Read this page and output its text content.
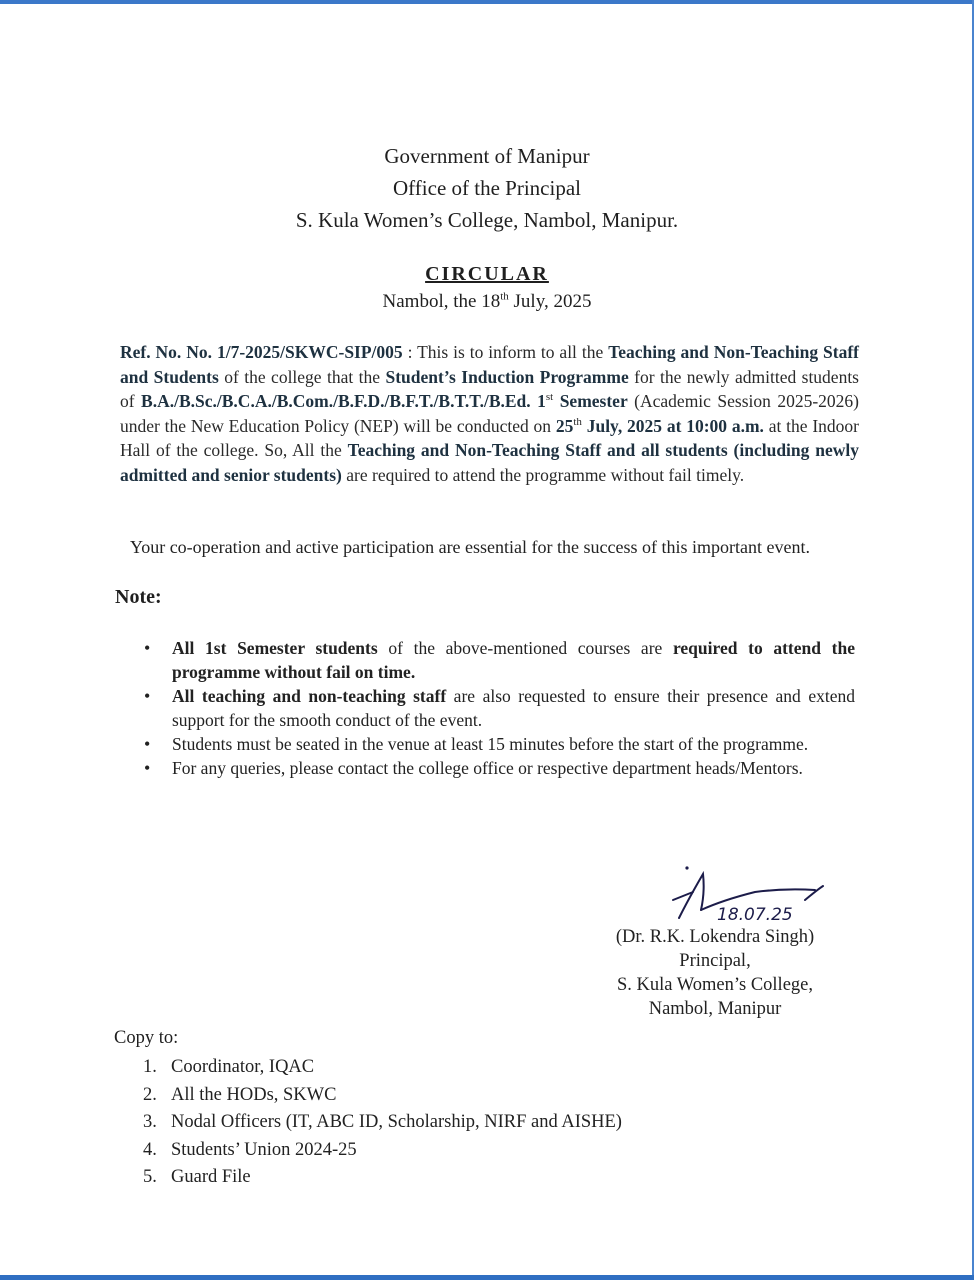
Government of Manipur
Office of the Principal
S. Kula Women’s College, Nambol, Manipur.
CIRCULAR
Nambol, the 18th July, 2025
Ref. No. No. 1/7-2025/SKWC-SIP/005 : This is to inform to all the Teaching and Non-Teaching Staff and Students of the college that the Student’s Induction Programme for the newly admitted students of B.A./B.Sc./B.C.A./B.Com./B.F.D./B.F.T./B.T.T./B.Ed. 1st Semester (Academic Session 2025-2026) under the New Education Policy (NEP) will be conducted on 25th July, 2025 at 10:00 a.m. at the Indoor Hall of the college. So, All the Teaching and Non-Teaching Staff and all students (including newly admitted and senior students) are required to attend the programme without fail timely.
Your co-operation and active participation are essential for the success of this important event.
Note:
• All 1st Semester students of the above-mentioned courses are required to attend the programme without fail on time.
• All teaching and non-teaching staff are also requested to ensure their presence and extend support for the smooth conduct of the event.
• Students must be seated in the venue at least 15 minutes before the start of the programme.
• For any queries, please contact the college office or respective department heads/Mentors.
18.07.25
(Dr. R.K. Lokendra Singh)
Principal,
S. Kula Women’s College,
Nambol, Manipur
Copy to:
1. Coordinator, IQAC
2. All the HODs, SKWC
3. Nodal Officers (IT, ABC ID, Scholarship, NIRF and AISHE)
4. Students’ Union 2024-25
5. Guard File
